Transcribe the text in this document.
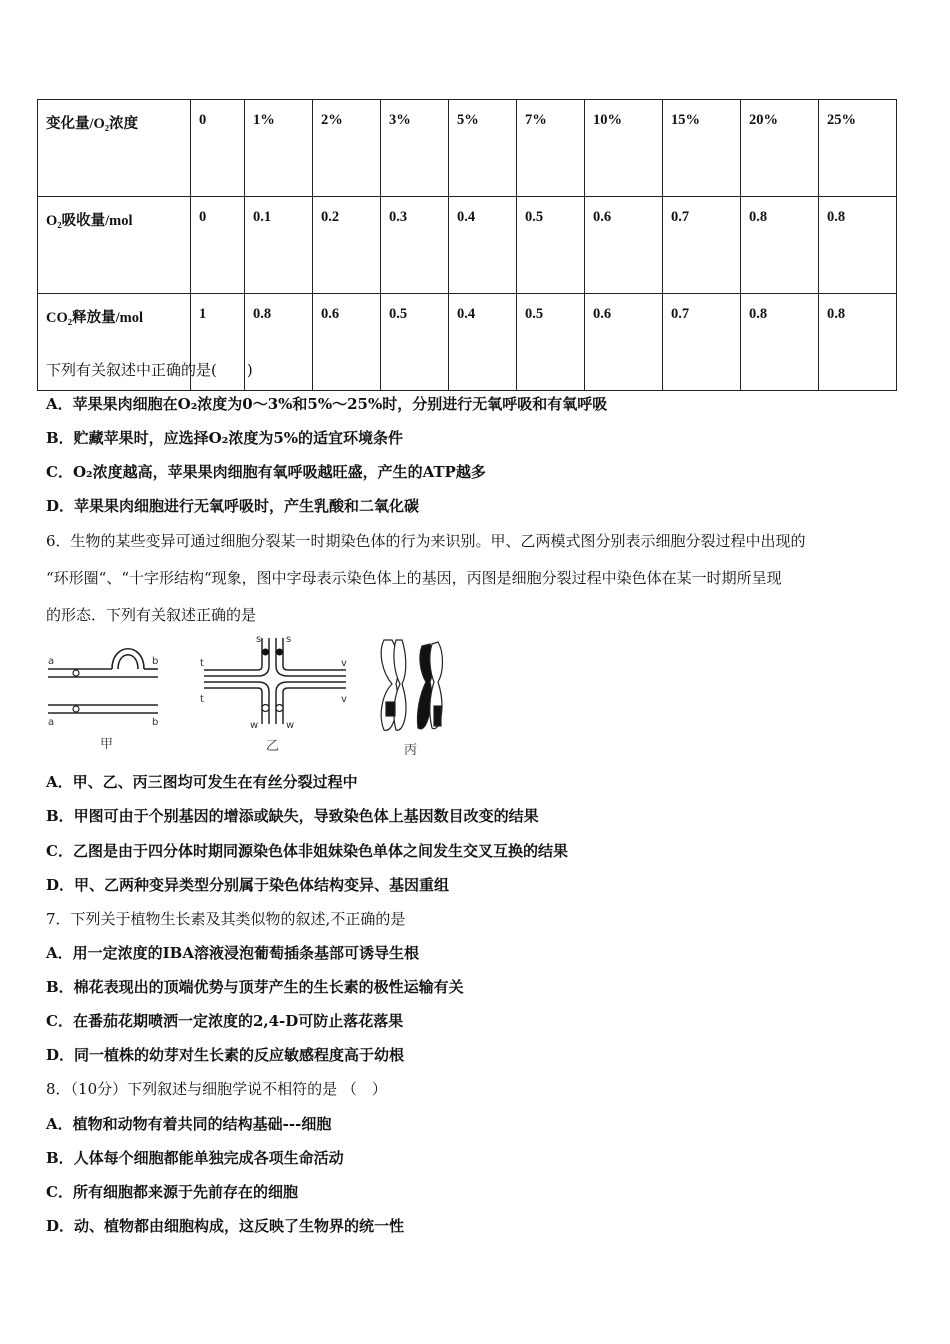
变化量/O₂浓度	0	1%	2%	3%	5%	7%	10%	15%	20%	25%
O₂吸收量/mol	0	0.1	0.2	0.3	0.4	0.5	0.6	0.7	0.8	0.8
CO₂释放量/mol	1	0.8	0.6	0.5	0.4	0.5	0.6	0.7	0.8	0.8
下列有关叙述中正确的是(　　)
A．苹果果肉细胞在O₂浓度为0～3%和5%～25%时，分别进行无氧呼吸和有氧呼吸
B．贮藏苹果时，应选择O₂浓度为5%的适宜环境条件
C．O₂浓度越高，苹果果肉细胞有氧呼吸越旺盛，产生的ATP越多
D．苹果果肉细胞进行无氧呼吸时，产生乳酸和二氧化碳
6．生物的某些变异可通过细胞分裂某一时期染色体的行为来识别。甲、乙两模式图分别表示细胞分裂过程中出现的
“环形圈“、“十字形结构“现象，图中字母表示染色体上的基因，丙图是细胞分裂过程中染色体在某一时期所呈现
的形态．下列有关叙述正确的是
a	b
a	b
甲
s s
t	v
t	v
w	w
乙	丙
A．甲、乙、丙三图均可发生在有丝分裂过程中
B．甲图可由于个别基因的增添或缺失，导致染色体上基因数目改变的结果
C．乙图是由于四分体时期同源染色体非姐妹染色单体之间发生交叉互换的结果
D．甲、乙两种变异类型分别属于染色体结构变异、基因重组
7．下列关于植物生长素及其类似物的叙述,不正确的是
A．用一定浓度的IBA溶液浸泡葡萄插条基部可诱导生根
B．棉花表现出的顶端优势与顶芽产生的生长素的极性运输有关
C．在番茄花期喷洒一定浓度的2,4-D可防止落花落果
D．同一植株的幼芽对生长素的反应敏感程度高于幼根
8．（10分）下列叙述与细胞学说不相符的是 （　）
A．植物和动物有着共同的结构基础---细胞
B．人体每个细胞都能单独完成各项生命活动
C．所有细胞都来源于先前存在的细胞
D．动、植物都由细胞构成，这反映了生物界的统一性
